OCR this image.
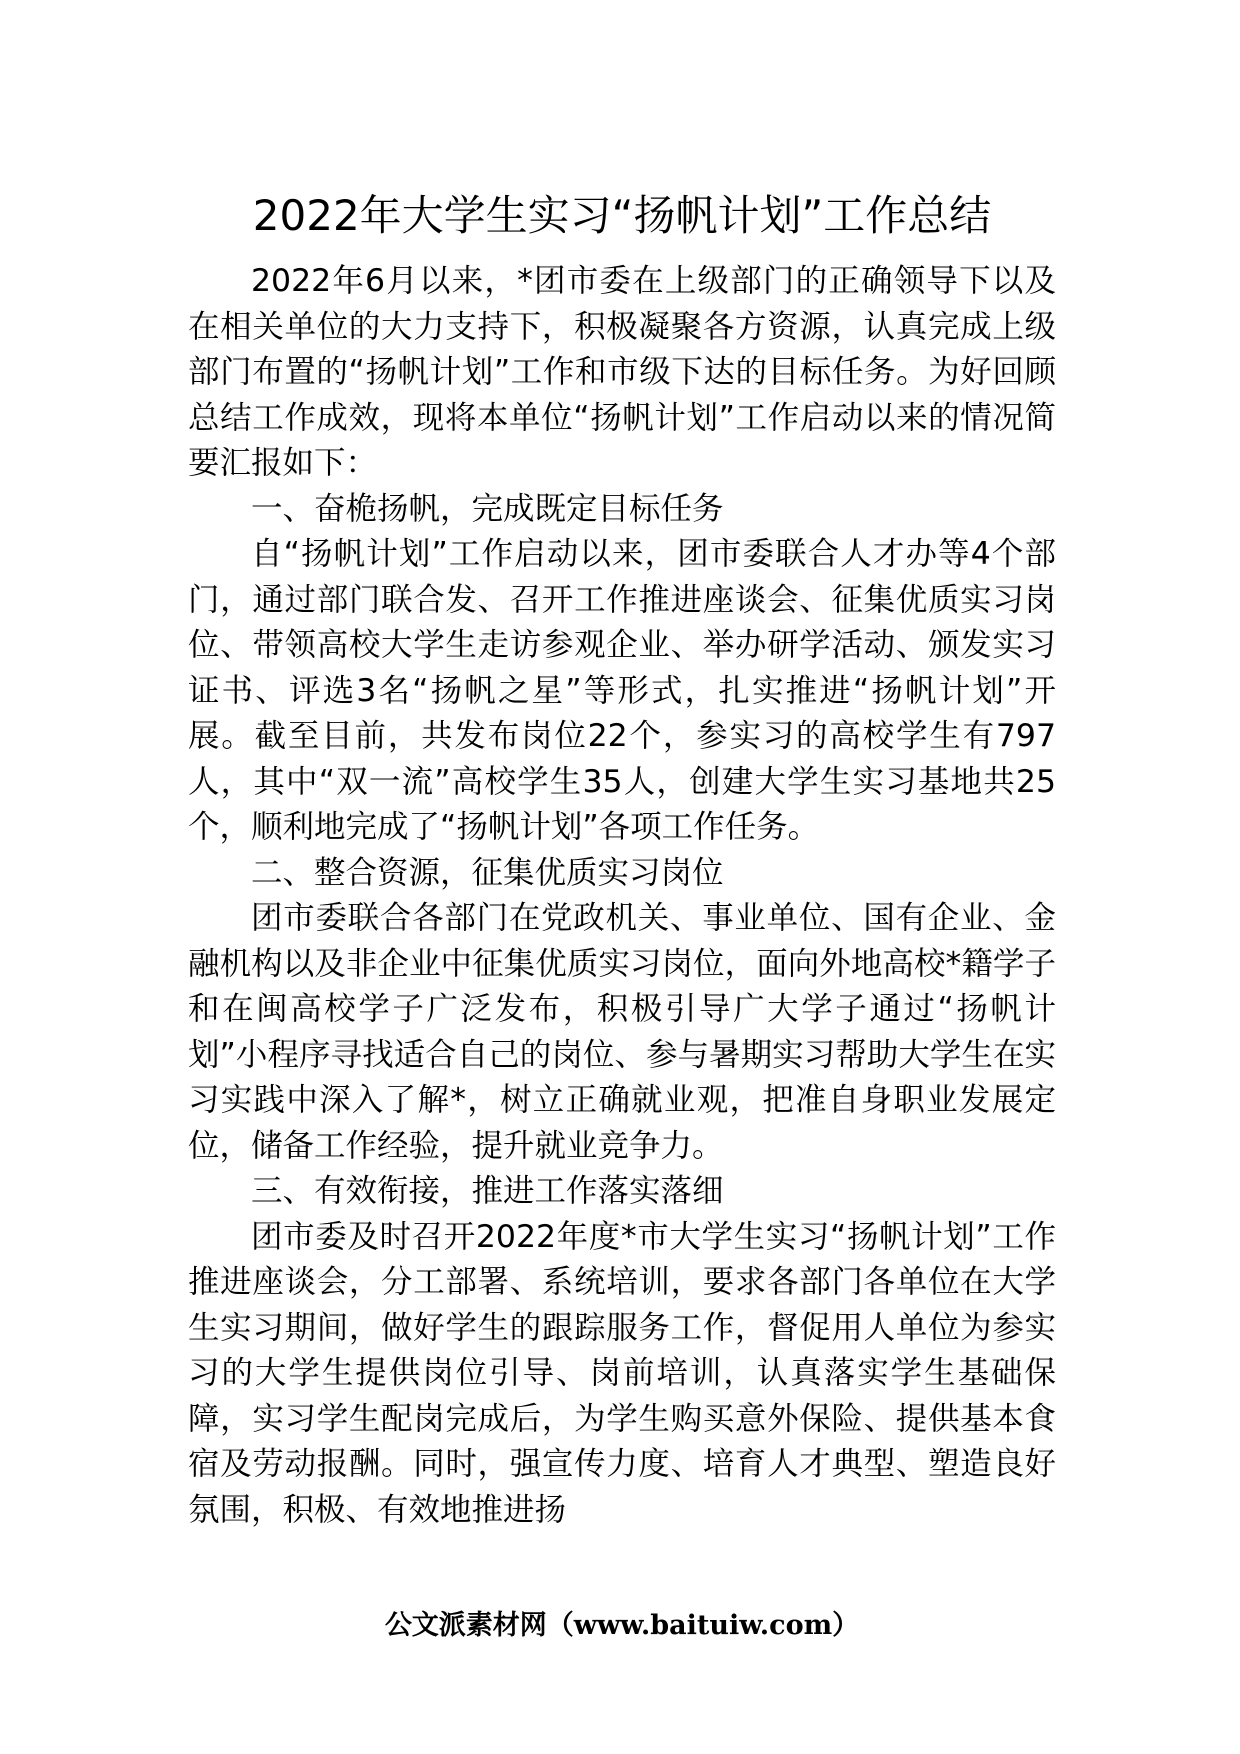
2022年大学生实习“扬帆计划”工作总结

2022年6月以来，*团市委在上级部门的正确领导下以及在相关单位的大力支持下，积极凝聚各方资源，认真完成上级部门布置的“扬帆计划”工作和市级下达的目标任务。为好回顾总结工作成效，现将本单位“扬帆计划”工作启动以来的情况简要汇报如下：

一、奋桅扬帆，完成既定目标任务

自“扬帆计划”工作启动以来，团市委联合人才办等4个部门，通过部门联合发、召开工作推进座谈会、征集优质实习岗位、带领高校大学生走访参观企业、举办研学活动、颁发实习证书、评选3名“扬帆之星”等形式，扎实推进“扬帆计划”开展。截至目前，共发布岗位22个，参实习的高校学生有797人，其中“双一流”高校学生35人，创建大学生实习基地共25个，顺利地完成了“扬帆计划”各项工作任务。

二、整合资源，征集优质实习岗位

团市委联合各部门在党政机关、事业单位、国有企业、金融机构以及非企业中征集优质实习岗位，面向外地高校*籍学子和在闽高校学子广泛发布，积极引导广大学子通过“扬帆计划”小程序寻找适合自己的岗位、参与暑期实习帮助大学生在实习实践中深入了解*，树立正确就业观，把准自身职业发展定位，储备工作经验，提升就业竞争力。

三、有效衔接，推进工作落实落细

团市委及时召开2022年度*市大学生实习“扬帆计划”工作推进座谈会，分工部署、系统培训，要求各部门各单位在大学生实习期间，做好学生的跟踪服务工作，督促用人单位为参实习的大学生提供岗位引导、岗前培训，认真落实学生基础保障，实习学生配岗完成后，为学生购买意外保险、提供基本食宿及劳动报酬。同时，强宣传力度、培育人才典型、塑造良好氛围，积极、有效地推进扬

公文派素材网（www.baituiw.com）
